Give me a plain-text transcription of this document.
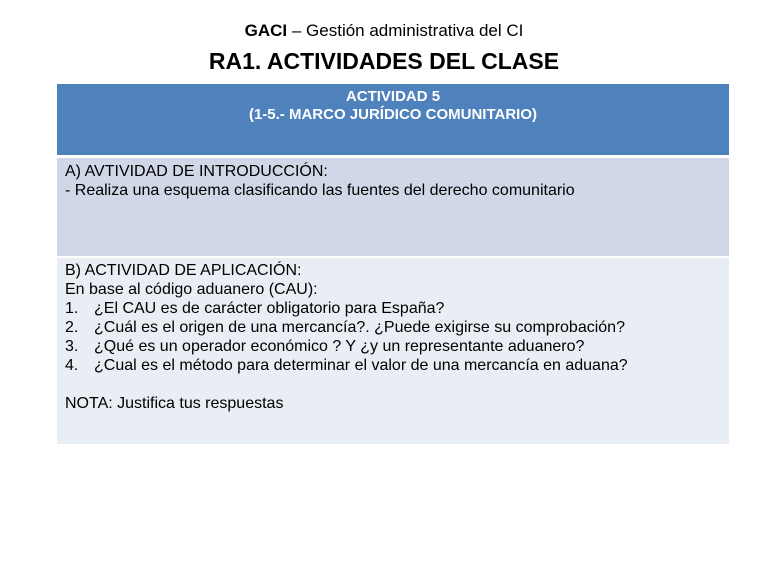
GACI – Gestión administrativa del CI
RA1. ACTIVIDADES DEL CLASE
ACTIVIDAD 5
(1-5.- MARCO JURÍDICO COMUNITARIO)
A) AVTIVIDAD DE INTRODUCCIÓN:
- Realiza una esquema clasificando las fuentes del derecho comunitario
B) ACTIVIDAD DE APLICACIÓN:
En base al código aduanero (CAU):
1. ¿El CAU es de carácter obligatorio para España?
2. ¿Cuál es el origen de una mercancía?. ¿Puede exigirse su comprobación?
3. ¿Qué es un operador económico ? Y ¿y un representante aduanero?
4. ¿Cual es el método para determinar el valor de una mercancía en aduana?
NOTA: Justifica tus respuestas
